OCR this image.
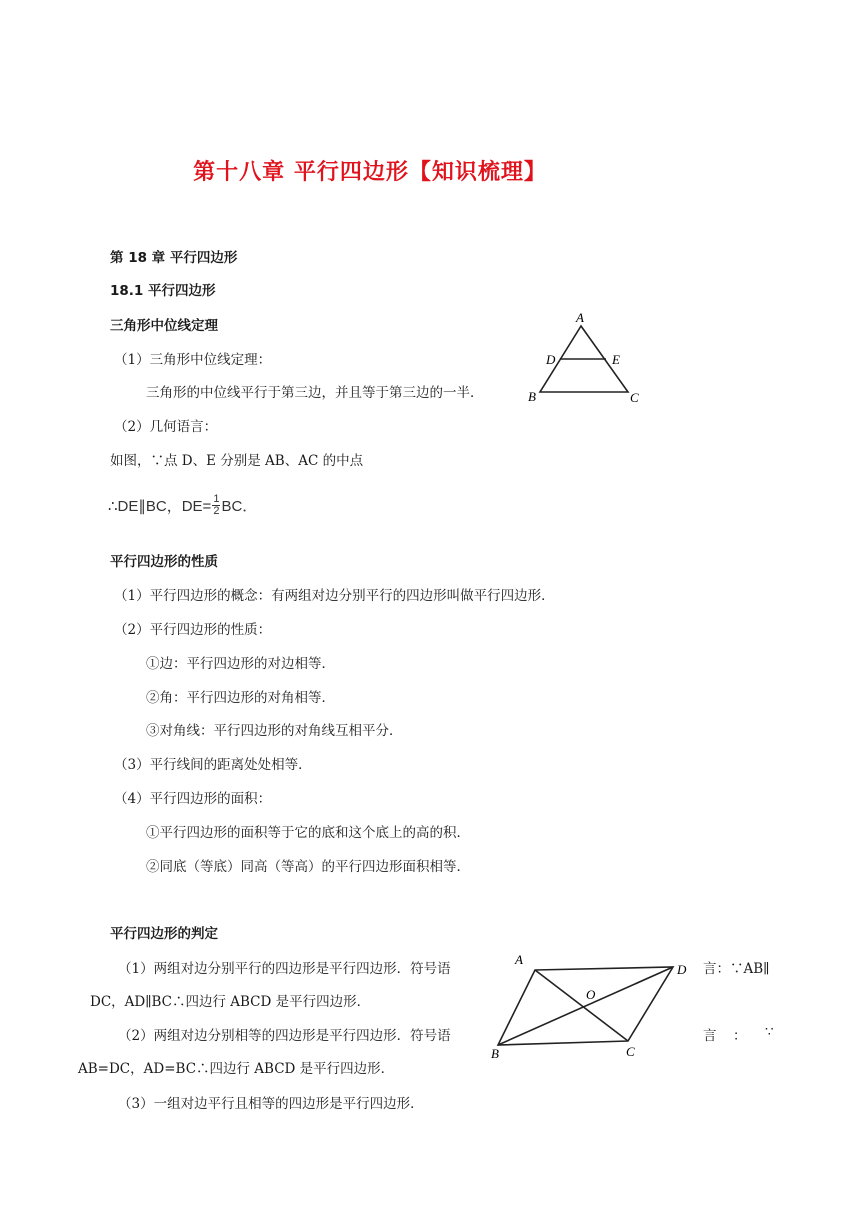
第十八章 平行四边形【知识梳理】
第 18 章 平行四边形
18.1 平行四边形
三角形中位线定理
（1）三角形中位线定理：
三角形的中位线平行于第三边，并且等于第三边的一半．
（2）几何语言：
如图，∵点 D、E 分别是 AB、AC 的中点
∴DE∥BC，$DE= \frac{1}{2}$ BC．
A
D	E
B	C
平行四边形的性质
（1）平行四边形的概念：有两组对边分别平行的四边形叫做平行四边形．
（2）平行四边形的性质：
①边：平行四边形的对边相等．
②角：平行四边形的对角相等．
③对角线：平行四边形的对角线互相平分．
（3）平行线间的距离处处相等．
（4）平行四边形的面积：
①平行四边形的面积等于它的底和这个底上的高的积．
②同底（等底）同高（等高）的平行四边形面积相等．
平行四边形的判定
（1）两组对边分别平行的四边形是平行四边形．符号语	言：∵AB∥
DC，AD∥BC∴四边行 ABCD 是平行四边形．
（2）两组对边分别相等的四边形是平行四边形．符号语	言 ： ∵
AB=DC，AD=BC∴四边行 ABCD 是平行四边形．
（3）一组对边平行且相等的四边形是平行四边形．
A
D
O
B	C
